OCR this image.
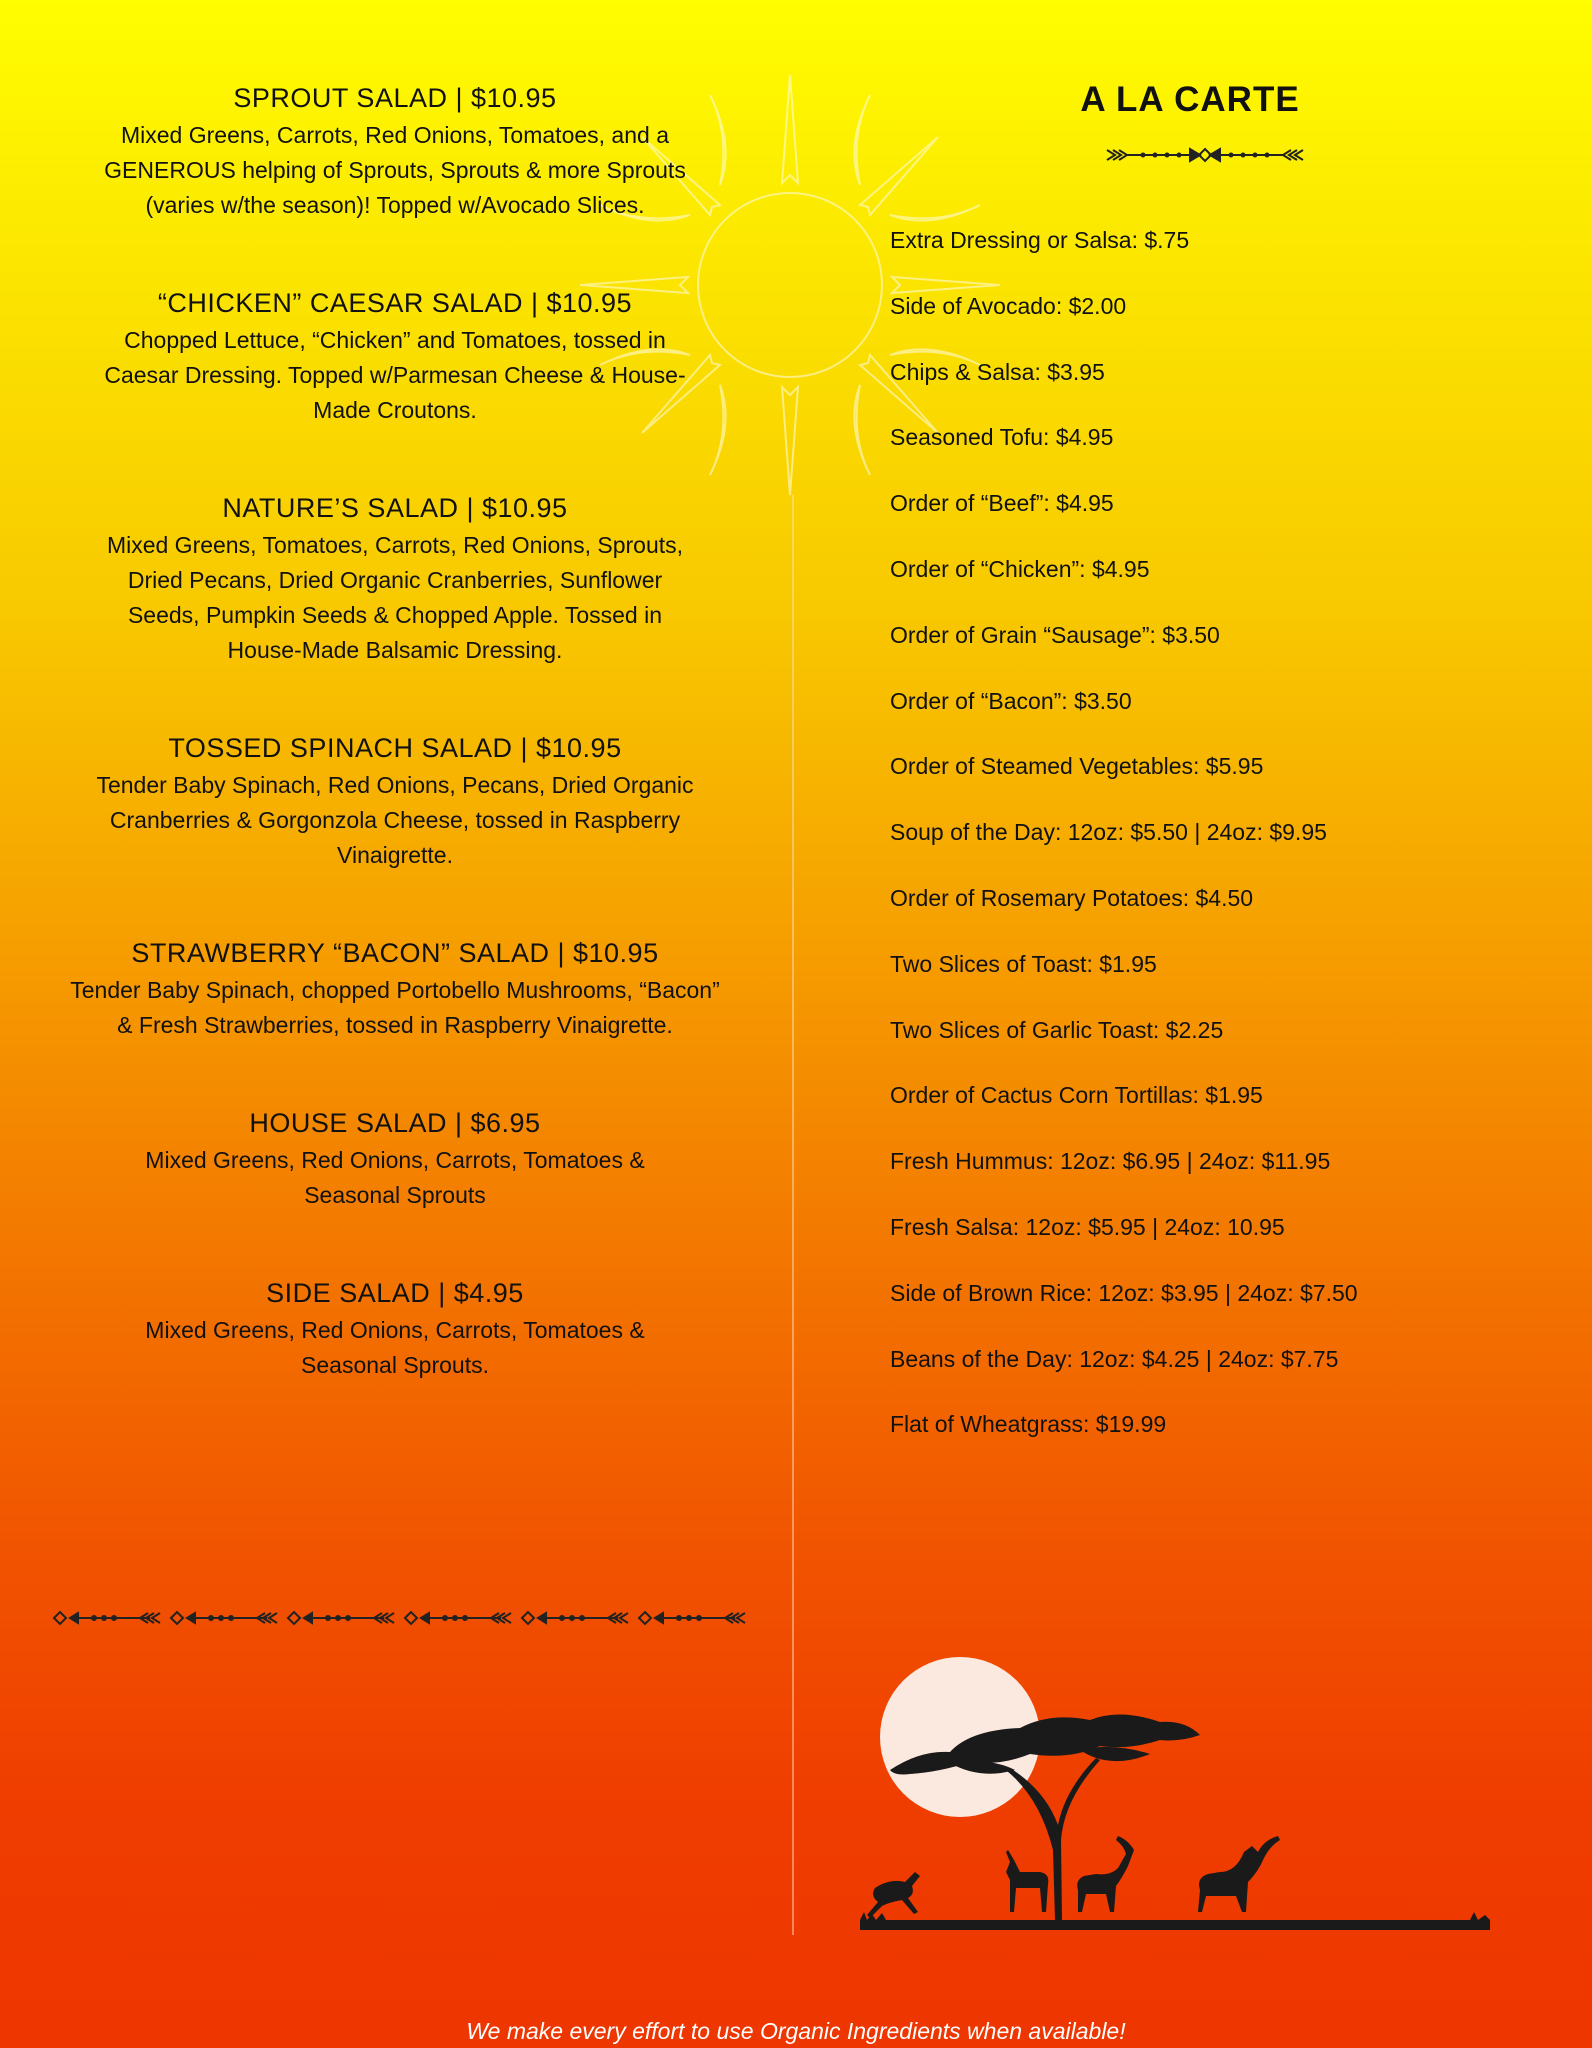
SPROUT SALAD | $10.95

Mixed Greens, Carrots, Red Onions, Tomatoes, and a GENEROUS helping of Sprouts, Sprouts & more Sprouts (varies w/the season)! Topped w/Avocado Slices.

“CHICKEN” CAESAR SALAD | $10.95

Chopped Lettuce, “Chicken” and Tomatoes, tossed in Caesar Dressing. Topped w/Parmesan Cheese & House-Made Croutons.

NATURE’S SALAD | $10.95

Mixed Greens, Tomatoes, Carrots, Red Onions, Sprouts, Dried Pecans, Dried Organic Cranberries, Sunflower Seeds, Pumpkin Seeds & Chopped Apple. Tossed in House-Made Balsamic Dressing.

TOSSED SPINACH SALAD | $10.95

Tender Baby Spinach, Red Onions, Pecans, Dried Organic Cranberries & Gorgonzola Cheese, tossed in Raspberry Vinaigrette.

STRAWBERRY “BACON” SALAD | $10.95

Tender Baby Spinach, chopped Portobello Mushrooms, “Bacon” & Fresh Strawberries, tossed in Raspberry Vinaigrette.

HOUSE SALAD | $6.95

Mixed Greens, Red Onions, Carrots, Tomatoes & Seasonal Sprouts

SIDE SALAD | $4.95

Mixed Greens, Red Onions, Carrots, Tomatoes & Seasonal Sprouts.

A LA CARTE
Extra Dressing or Salsa: $.75
Side of Avocado: $2.00
Chips & Salsa: $3.95
Seasoned Tofu: $4.95
Order of “Beef”: $4.95
Order of “Chicken”: $4.95
Order of Grain “Sausage”: $3.50
Order of “Bacon”: $3.50
Order of Steamed Vegetables: $5.95
Soup of the Day: 12oz: $5.50 | 24oz: $9.95
Order of Rosemary Potatoes: $4.50
Two Slices of Toast: $1.95
Two Slices of Garlic Toast: $2.25
Order of Cactus Corn Tortillas: $1.95
Fresh Hummus: 12oz: $6.95 | 24oz: $11.95
Fresh Salsa: 12oz: $5.95 | 24oz: 10.95
Side of Brown Rice: 12oz: $3.95 | 24oz: $7.50
Beans of the Day: 12oz: $4.25 | 24oz: $7.75
Flat of Wheatgrass: $19.99
We make every effort to use Organic Ingredients when available!
